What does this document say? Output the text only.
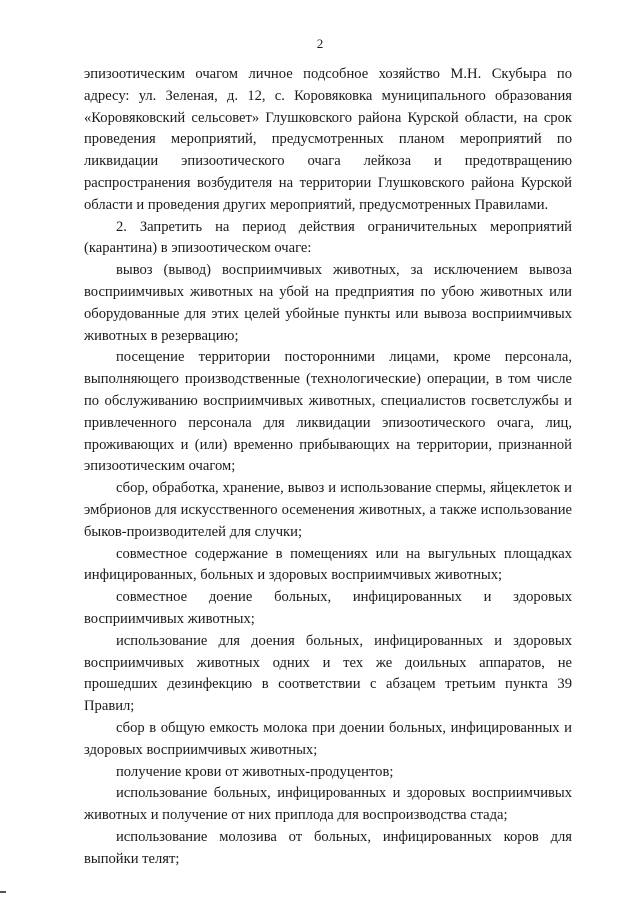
2

эпизоотическим очагом личное подсобное хозяйство М.Н. Скубыра по адресу: ул. Зеленая, д. 12, с. Коровяковка муниципального образования «Коровяковский сельсовет» Глушковского района Курской области, на срок проведения мероприятий, предусмотренных планом мероприятий по ликвидации эпизоотического очага лейкоза и предотвращению распространения возбудителя на территории Глушковского района Курской области и проведения других мероприятий, предусмотренных Правилами.

2. Запретить на период действия ограничительных мероприятий (карантина) в эпизоотическом очаге:

вывоз (вывод) восприимчивых животных, за исключением вывоза восприимчивых животных на убой на предприятия по убою животных или оборудованные для этих целей убойные пункты или вывоза восприимчивых животных в резервацию;

посещение территории посторонними лицами, кроме персонала, выполняющего производственные (технологические) операции, в том числе по обслуживанию восприимчивых животных, специалистов госветслужбы и привлеченного персонала для ликвидации эпизоотического очага, лиц, проживающих и (или) временно прибывающих на территории, признанной эпизоотическим очагом;

сбор, обработка, хранение, вывоз и использование спермы, яйцеклеток и эмбрионов для искусственного осеменения животных, а также использование быков-производителей для случки;

совместное содержание в помещениях или на выгульных площадках инфицированных, больных и здоровых восприимчивых животных;

совместное доение больных, инфицированных и здоровых восприимчивых животных;

использование для доения больных, инфицированных и здоровых восприимчивых животных одних и тех же доильных аппаратов, не прошедших дезинфекцию в соответствии с абзацем третьим пункта 39 Правил;

сбор в общую емкость молока при доении больных, инфицированных и здоровых восприимчивых животных;

получение крови от животных-продуцентов;

использование больных, инфицированных и здоровых восприимчивых животных и получение от них приплода для воспроизводства стада;

использование молозива от больных, инфицированных коров для выпойки телят;
